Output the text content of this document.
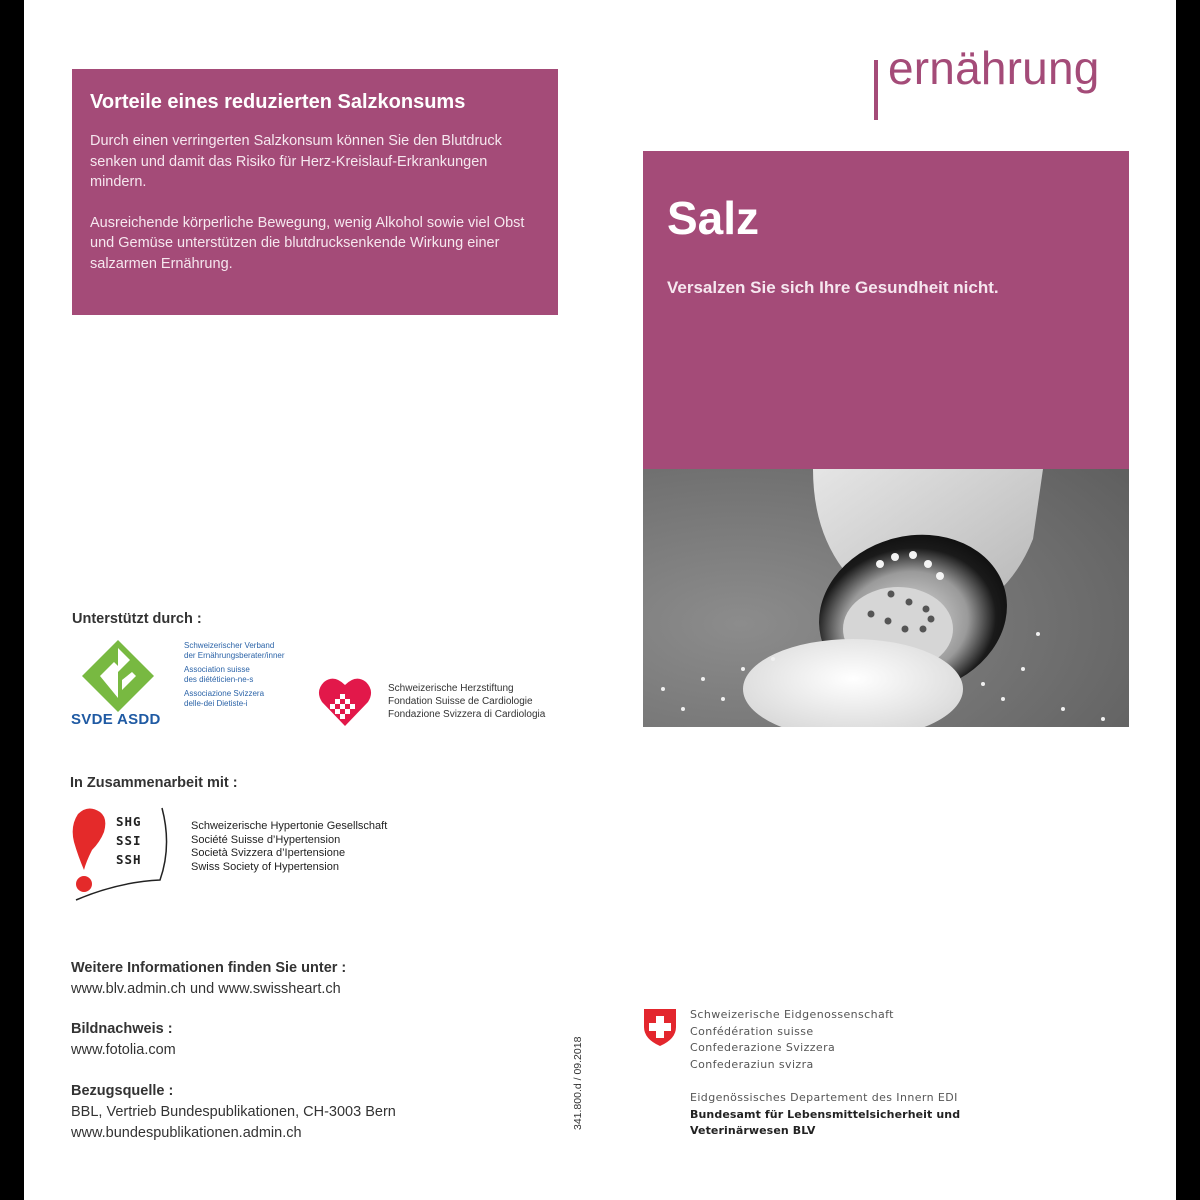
Vorteile eines reduzierten Salzkonsums

Durch einen verringerten Salzkonsum können Sie den Blutdruck senken und damit das Risiko für Herz-Kreislauf-Erkrankungen mindern.

Ausreichende körperliche Bewegung, wenig Alkohol sowie viel Obst und Gemüse unterstützen die blutdrucksenkende Wirkung einer salzarmen Ernährung.

ernährung
Salz
Versalzen Sie sich Ihre Gesundheit nicht.
Unterstützt durch :
SVDE ASDD

Schweizerischer Verband
der Ernährungsberater/inner

Association suisse
des diététicien-ne-s

Associazione Svizzera
delle-dei Dietiste-i

Schweizerische Herzstiftung
Fondation Suisse de Cardiologie
Fondazione Svizzera di Cardiologia
In Zusammenarbeit mit :
SHG
SSI
SSH
Schweizerische Hypertonie Gesellschaft
Société Suisse d’Hypertension
Società Svizzera d’Ipertensione
Swiss Society of Hypertension
Weitere Informationen finden Sie unter :
www.blv.admin.ch und www.swissheart.ch
Bildnachweis :
www.fotolia.com
Bezugsquelle :
BBL, Vertrieb Bundespublikationen, CH-3003 Bern
www.bundespublikationen.admin.ch
341.800.d / 09.2018
Schweizerische Eidgenossenschaft
Confédération suisse
Confederazione Svizzera
Confederaziun svizra
Eidgenössisches Departement des Innern EDI
Bundesamt für Lebensmittelsicherheit und
Veterinärwesen BLV
